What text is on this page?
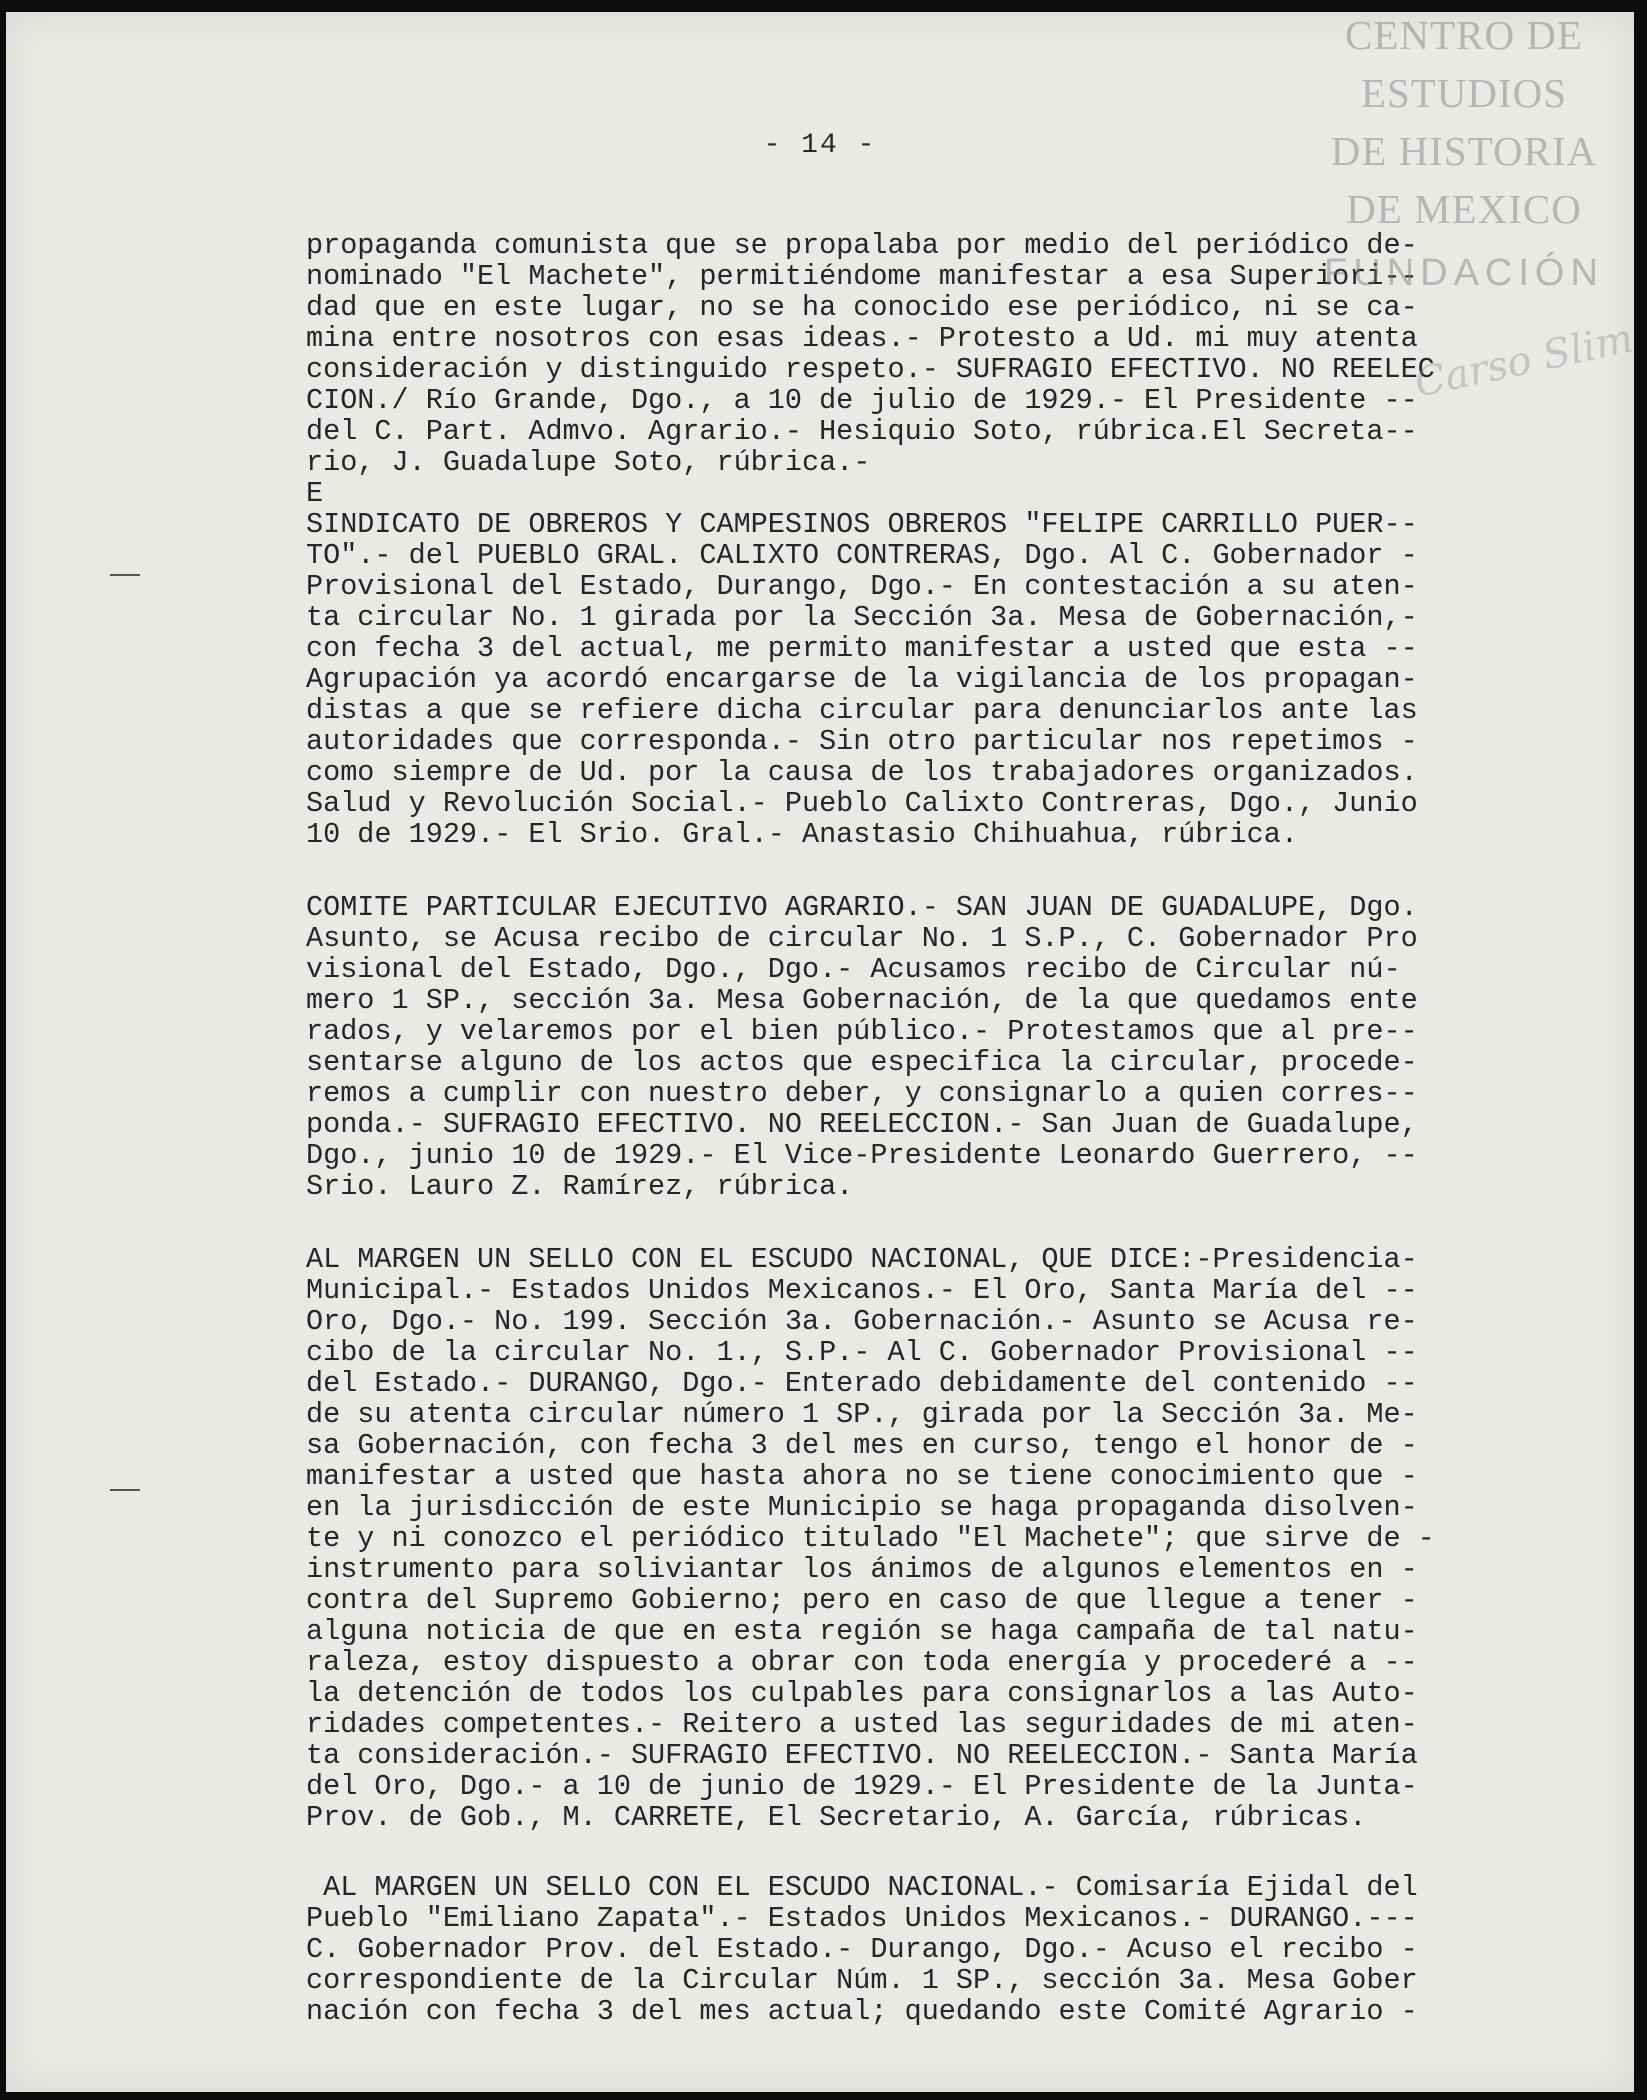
- 14 -
propaganda comunista que se propalaba por medio del periódico de-
nominado "El Machete", permitiéndome manifestar a esa Superiori--
dad que en este lugar, no se ha conocido ese periódico, ni se ca-
mina entre nosotros con esas ideas.- Protesto a Ud. mi muy atenta
consideración y distinguido respeto.- SUFRAGIO EFECTIVO. NO REELEC
CION./ Río Grande, Dgo., a 10 de julio de 1929.- El Presidente --
del C. Part. Admvo. Agrario.- Hesiquio Soto, rúbrica.El Secreta--
rio, J. Guadalupe Soto, rúbrica.-
E
SINDICATO DE OBREROS Y CAMPESINOS OBREROS "FELIPE CARRILLO PUER--
TO".- del PUEBLO GRAL. CALIXTO CONTRERAS, Dgo. Al C. Gobernador -
Provisional del Estado, Durango, Dgo.- En contestación a su aten-
ta circular No. 1 girada por la Sección 3a. Mesa de Gobernación,-
con fecha 3 del actual, me permito manifestar a usted que esta --
Agrupación ya acordó encargarse de la vigilancia de los propagan-
distas a que se refiere dicha circular para denunciarlos ante las
autoridades que corresponda.- Sin otro particular nos repetimos -
como siempre de Ud. por la causa de los trabajadores organizados.
Salud y Revolución Social.- Pueblo Calixto Contreras, Dgo., Junio
10 de 1929.- El Srio. Gral.- Anastasio Chihuahua, rúbrica.
COMITE PARTICULAR EJECUTIVO AGRARIO.- SAN JUAN DE GUADALUPE, Dgo.
Asunto, se Acusa recibo de circular No. 1 S.P., C. Gobernador Pro
visional del Estado, Dgo., Dgo.- Acusamos recibo de Circular nú-
mero 1 SP., sección 3a. Mesa Gobernación, de la que quedamos ente
rados, y velaremos por el bien público.- Protestamos que al pre--
sentarse alguno de los actos que especifica la circular, procede-
remos a cumplir con nuestro deber, y consignarlo a quien corres--
ponda.- SUFRAGIO EFECTIVO. NO REELECCION.- San Juan de Guadalupe,
Dgo., junio 10 de 1929.- El Vice-Presidente Leonardo Guerrero, --
Srio. Lauro Z. Ramírez, rúbrica.
AL MARGEN UN SELLO CON EL ESCUDO NACIONAL, QUE DICE:-Presidencia-
Municipal.- Estados Unidos Mexicanos.- El Oro, Santa María del --
Oro, Dgo.- No. 199. Sección 3a. Gobernación.- Asunto se Acusa re-
cibo de la circular No. 1., S.P.- Al C. Gobernador Provisional --
del Estado.- DURANGO, Dgo.- Enterado debidamente del contenido --
de su atenta circular número 1 SP., girada por la Sección 3a. Me-
sa Gobernación, con fecha 3 del mes en curso, tengo el honor de -
manifestar a usted que hasta ahora no se tiene conocimiento que -
en la jurisdicción de este Municipio se haga propaganda disolven-
te y ni conozco el periódico titulado "El Machete"; que sirve de -
instrumento para soliviantar los ánimos de algunos elementos en -
contra del Supremo Gobierno; pero en caso de que llegue a tener -
alguna noticia de que en esta región se haga campaña de tal natu-
raleza, estoy dispuesto a obrar con toda energía y procederé a --
la detención de todos los culpables para consignarlos a las Auto-
ridades competentes.- Reitero a usted las seguridades de mi aten-
ta consideración.- SUFRAGIO EFECTIVO. NO REELECCION.- Santa María
del Oro, Dgo.- a 10 de junio de 1929.- El Presidente de la Junta-
Prov. de Gob., M. CARRETE, El Secretario, A. García, rúbricas.
AL MARGEN UN SELLO CON EL ESCUDO NACIONAL.- Comisaría Ejidal del
Pueblo "Emiliano Zapata".- Estados Unidos Mexicanos.- DURANGO.---
C. Gobernador Prov. del Estado.- Durango, Dgo.- Acuso el recibo -
correspondiente de la Circular Núm. 1 SP., sección 3a. Mesa Gober
nación con fecha 3 del mes actual; quedando este Comité Agrario -
CENTRO DE
ESTUDIOS
DE HISTORIA
DE MEXICO
FUNDACIÓN
Carso Slim
